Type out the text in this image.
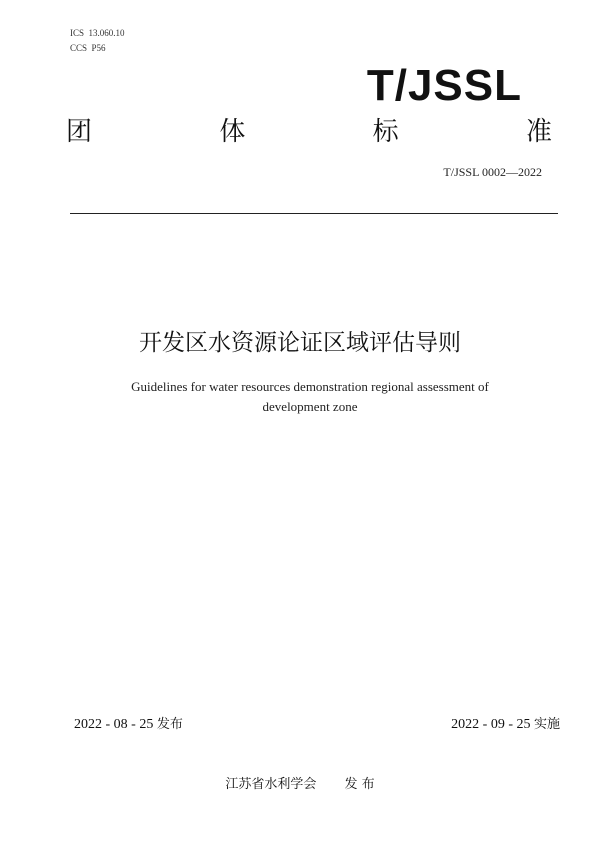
ICS  13.060.10
CCS  P56
T/JSSL
团	体	标	准
T/JSSL 0002—2022
开发区水资源论证区域评估导则
Guidelines for water resources demonstration regional assessment of development zone
2022 - 08 - 25 发布	2022 - 09 - 25 实施
江苏省水利学会 发 布
